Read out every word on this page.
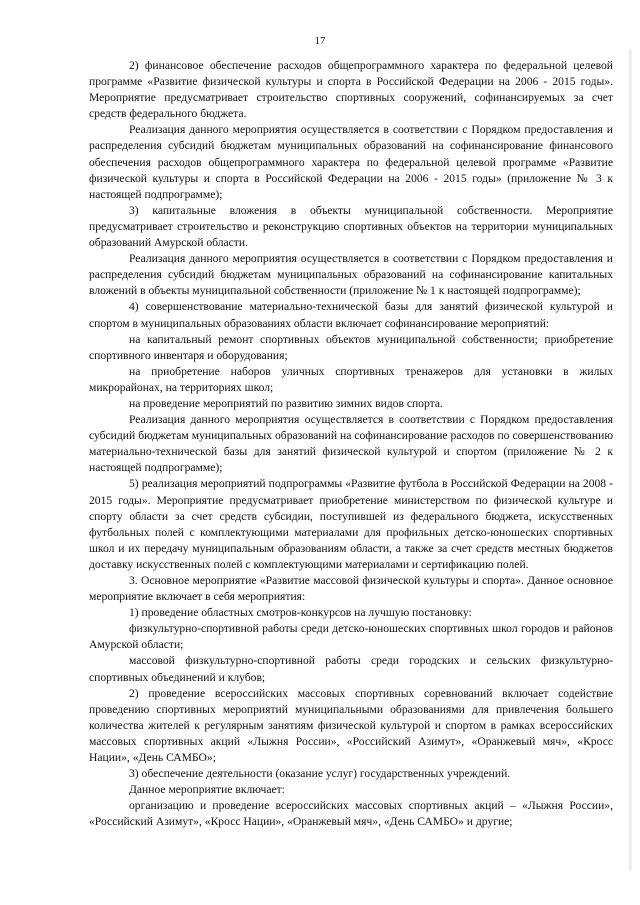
17

2) финансовое обеспечение расходов общепрограммного характера по федеральной целевой программе «Развитие физической культуры и спорта в Российской Федерации на 2006 - 2015 годы». Мероприятие предусматривает строительство спортивных сооружений, софинансируемых за счет средств федерального бюджета.

Реализация данного мероприятия осуществляется в соответствии с Порядком предоставления и распределения субсидий бюджетам муниципальных образований на софинансирование финансового обеспечения расходов общепрограммного характера по федеральной целевой программе «Развитие физической культуры и спорта в Российской Федерации на 2006 - 2015 годы» (приложение № 3 к настоящей подпрограмме);

3) капитальные вложения в объекты муниципальной собственности. Мероприятие предусматривает строительство и реконструкцию спортивных объектов на территории муниципальных образований Амурской области.

Реализация данного мероприятия осуществляется в соответствии с Порядком предоставления и распределения субсидий бюджетам муниципальных образований на софинансирование капитальных вложений в объекты муниципальной собственности (приложение № 1 к настоящей подпрограмме);

4) совершенствование материально-технической базы для занятий физической культурой и спортом в муниципальных образованиях области включает софинансирование мероприятий:

на капитальный ремонт спортивных объектов муниципальной собственности; приобретение спортивного инвентаря и оборудования;

на приобретение наборов уличных спортивных тренажеров для установки в жилых микрорайонах, на территориях школ;

на проведение мероприятий по развитию зимних видов спорта.

Реализация данного мероприятия осуществляется в соответствии с Порядком предоставления субсидий бюджетам муниципальных образований на софинансирование расходов по совершенствованию материально-технической базы для занятий физической культурой и спортом (приложение № 2 к настоящей подпрограмме);

5) реализация мероприятий подпрограммы «Развитие футбола в Российской Федерации на 2008 - 2015 годы». Мероприятие предусматривает приобретение министерством по физической культуре и спорту области за счет средств субсидии, поступившей из федерального бюджета, искусственных футбольных полей с комплектующими материалами для профильных детско-юношеских спортивных школ и их передачу муниципальным образованиям области, а также за счет средств местных бюджетов доставку искусственных полей с комплектующими материалами и сертификацию полей.

3. Основное мероприятие «Развитие массовой физической культуры и спорта». Данное основное мероприятие включает в себя мероприятия:

1) проведение областных смотров-конкурсов на лучшую постановку:

физкультурно-спортивной работы среди детско-юношеских спортивных школ городов и районов Амурской области;

массовой физкультурно-спортивной работы среди городских и сельских физкультурно-спортивных объединений и клубов;

2) проведение всероссийских массовых спортивных соревнований включает содействие проведению спортивных мероприятий муниципальными образованиями для привлечения большего количества жителей к регулярным занятиям физической культурой и спортом в рамках всероссийских массовых спортивных акций «Лыжня России», «Российский Азимут», «Оранжевый мяч», «Кросс Нации», «День САМБО»;

3) обеспечение деятельности (оказание услуг) государственных учреждений.

Данное мероприятие включает:

организацию и проведение всероссийских массовых спортивных акций – «Лыжня России», «Российский Азимут», «Кросс Нации», «Оранжевый мяч», «День САМБО» и другие;
